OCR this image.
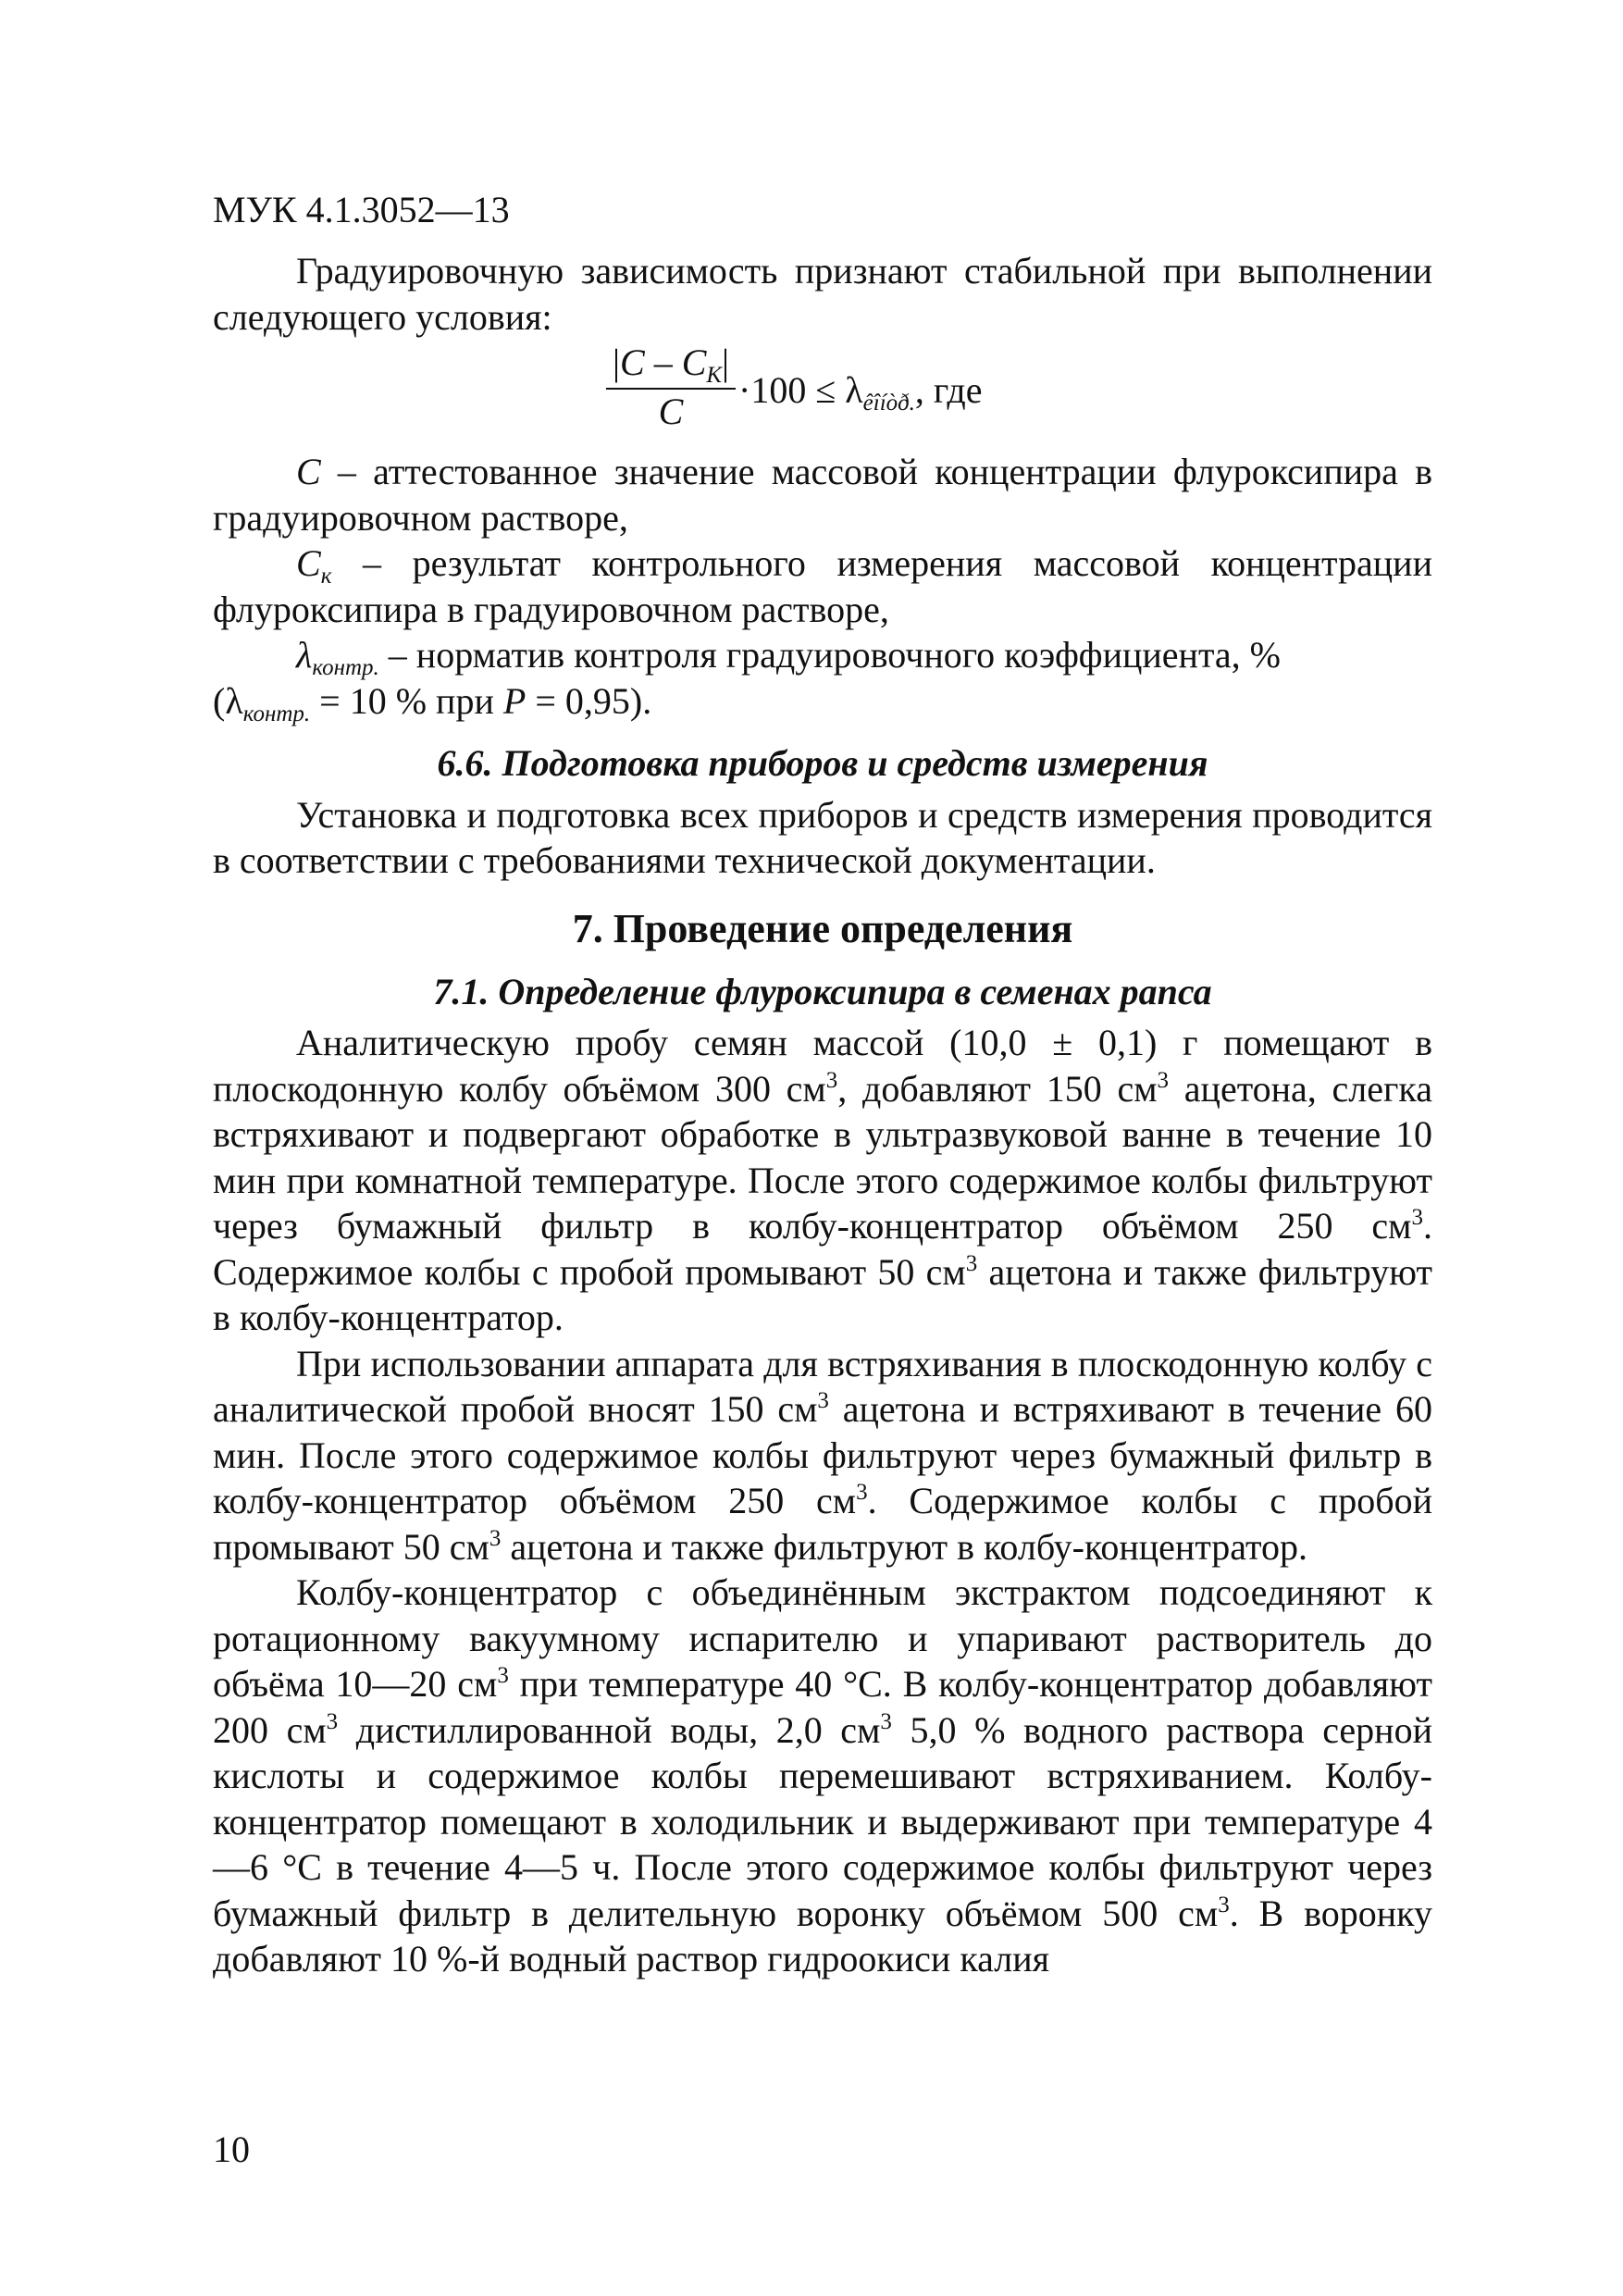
МУК 4.1.3052—13

Градуировочную зависимость признают стабильной при выполнении следующего условия:

$|C - C_К|$
C
$\cdot 100 \le \lambda_{êîíòð.}$, где

C – аттестованное значение массовой концентрации флуроксипира в градуировочном растворе,

$C_к$ – результат контрольного измерения массовой концентрации флуроксипира в градуировочном растворе,

$\lambda_{контр.}$ – норматив контроля градуировочного коэффициента, %

($\lambda_{контр.} = 10$ % при P = 0,95).

6.6. Подготовка приборов и средств измерения

Установка и подготовка всех приборов и средств измерения проводится в соответствии с требованиями технической документации.

7. Проведение определения
7.1. Определение флуроксипира в семенах рапса

Аналитическую пробу семян массой (10,0 ± 0,1) г помещают в плоскодонную колбу объёмом 300 $см^3$, добавляют 150 $см^3$ ацетона, слегка встряхивают и подвергают обработке в ультразвуковой ванне в течение 10 мин при комнатной температуре. После этого содержимое колбы фильтруют через бумажный фильтр в колбу-концентратор объёмом 250 $см^3$. Содержимое колбы с пробой промывают 50 $см^3$ ацетона и также фильтруют в колбу-концентратор.

При использовании аппарата для встряхивания в плоскодонную колбу с аналитической пробой вносят 150 $см^3$ ацетона и встряхивают в течение 60 мин. После этого содержимое колбы фильтруют через бумажный фильтр в колбу-концентратор объёмом 250 $см^3$. Содержимое колбы с пробой промывают 50 $см^3$ ацетона и также фильтруют в колбу-концентратор.

Колбу-концентратор с объединённым экстрактом подсоединяют к ротационному вакуумному испарителю и упаривают растворитель до объёма 10—20 $см^3$ при температуре 40 °C. В колбу-концентратор добавляют 200 $см^3$ дистиллированной воды, 2,0 $см^3$ 5,0 % водного раствора серной кислоты и содержимое колбы перемешивают встряхиванием. Колбу-концентратор помещают в холодильник и выдерживают при температуре 4—6 °C в течение 4—5 ч. После этого содержимое колбы фильтруют через бумажный фильтр в делительную воронку объёмом 500 $см^3$. В воронку добавляют 10 %-й водный раствор гидроокиси калия

10
